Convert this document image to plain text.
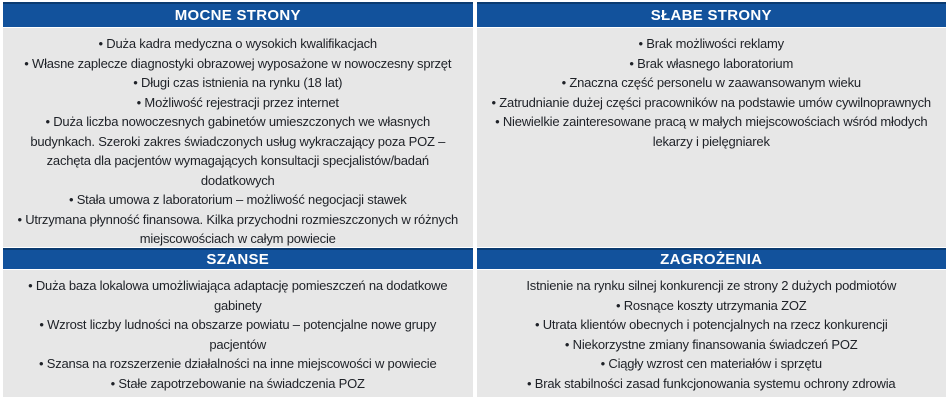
MOCNE STRONY	SŁABE STRONY
• Duża kadra medyczna o wysokich kwalifikacjach
• Własne zaplecze diagnostyki obrazowej wyposażone w nowoczesny sprzęt
• Długi czas istnienia na rynku (18 lat)
• Możliwość rejestracji przez internet
• Duża liczba nowoczesnych gabinetów umieszczonych we własnych budynkach. Szeroki zakres świadczonych usług wykraczający poza POZ – zachęta dla pacjentów wymagających konsultacji specjalistów/badań dodatkowych
• Stała umowa z laboratorium – możliwość negocjacji stawek
• Utrzymana płynność finansowa. Kilka przychodni rozmieszczonych w różnych miejscowościach w całym powiecie
• Brak możliwości reklamy
• Brak własnego laboratorium
• Znaczna część personelu w zaawansowanym wieku
• Zatrudnianie dużej części pracowników na podstawie umów cywilnoprawnych
• Niewielkie zainteresowane pracą w małych miejscowościach wśród młodych lekarzy i pielęgniarek
SZANSE	ZAGROŻENIA
• Duża baza lokalowa umożliwiająca adaptację pomieszczeń na dodatkowe gabinety
• Wzrost liczby ludności na obszarze powiatu – potencjalne nowe grupy pacjentów
• Szansa na rozszerzenie działalności na inne miejscowości w powiecie
• Stałe zapotrzebowanie na świadczenia POZ
Istnienie na rynku silnej konkurencji ze strony 2 dużych podmiotów
• Rosnące koszty utrzymania ZOZ
• Utrata klientów obecnych i potencjalnych na rzecz konkurencji
• Niekorzystne zmiany finansowania świadczeń POZ
• Ciągły wzrost cen materiałów i sprzętu
• Brak stabilności zasad funkcjonowania systemu ochrony zdrowia
